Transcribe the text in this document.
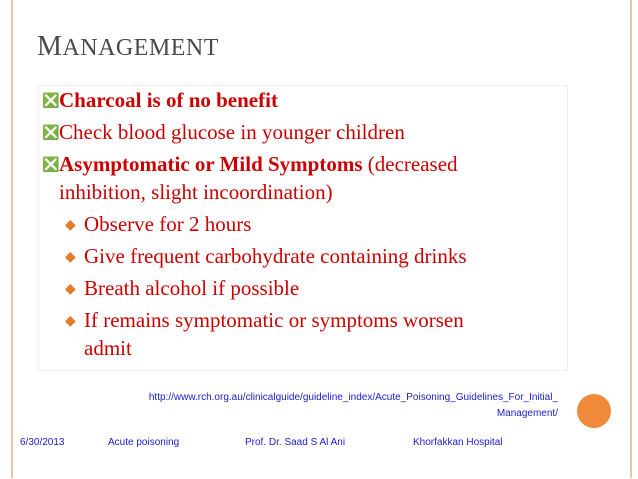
MANAGEMENT
❎ Charcoal is of no benefit
❎ Check blood glucose in younger children
❎ Asymptomatic or Mild Symptoms (decreased
inhibition, slight incoordination)
◆ Observe for 2 hours
◆ Give frequent carbohydrate containing drinks
◆ Breath alcohol if possible
◆ If remains symptomatic or symptoms worsen
admit
http://www.rch.org.au/clinicalguide/guideline_index/Acute_Poisoning_Guidelines_For_Initial_
Management/
6/30/2013	Acute poisoning	Prof. Dr. Saad S Al Ani	Khorfakkan Hospital
